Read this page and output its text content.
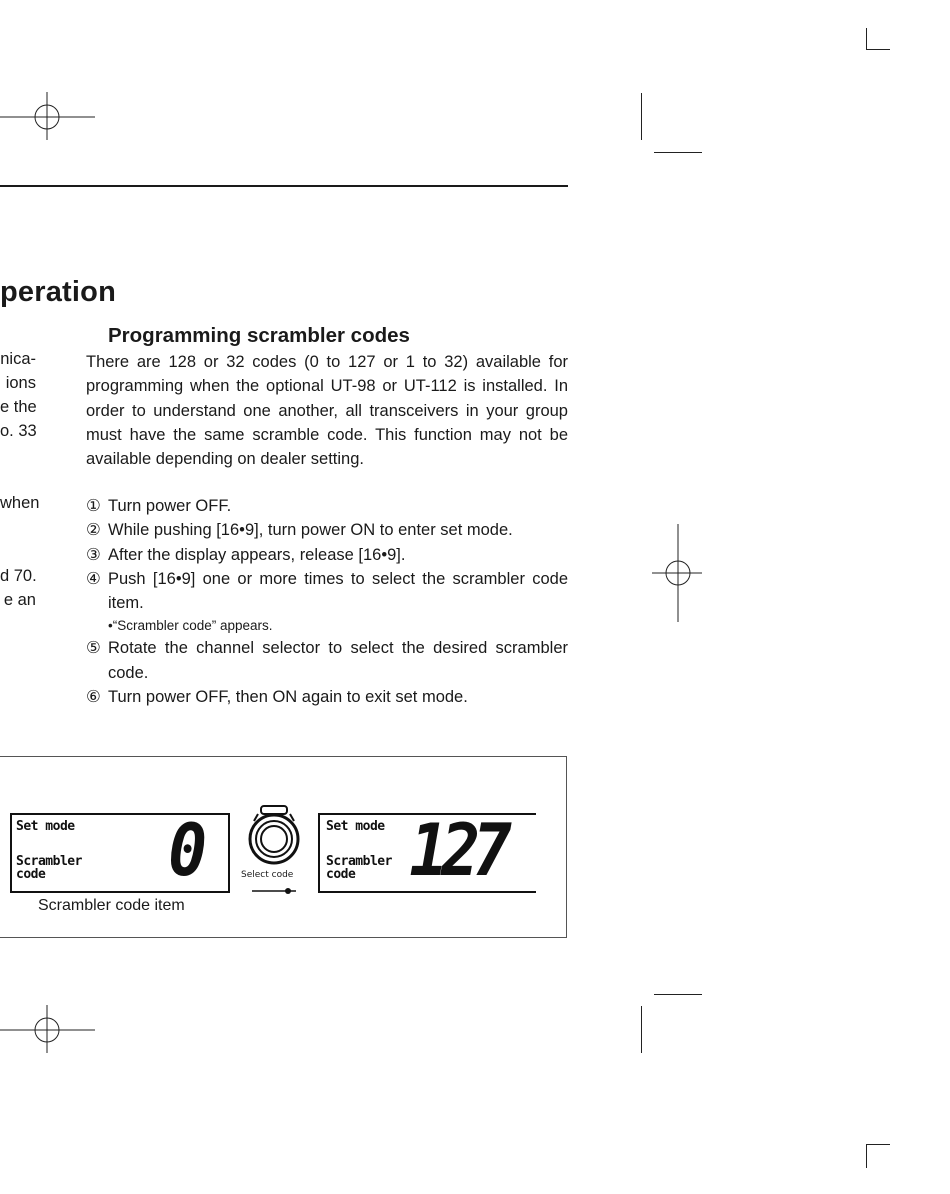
peration
nica-
ions
e the
o. 33
when
d 70.
e an
Programming scrambler codes

There are 128 or 32 codes (0 to 127 or 1 to 32) available for programming when the optional UT-98 or UT-112 is installed. In order to understand one another, all transceivers in your group must have the same scramble code. This function may not be available depending on dealer setting.

① Turn power OFF.
② While pushing [16•9], turn power ON to enter set mode.
③ After the display appears, release [16•9].
④ Push [16•9] one or more times to select the scrambler code item.
•“Scrambler code” appears.
⑤ Rotate the channel selector to select the desired scrambler code.
⑥ Turn power OFF, then ON again to exit set mode.
Set mode
Scrambler
code 0	Select code
Set mode
Scrambler
code 127
Scrambler code item
